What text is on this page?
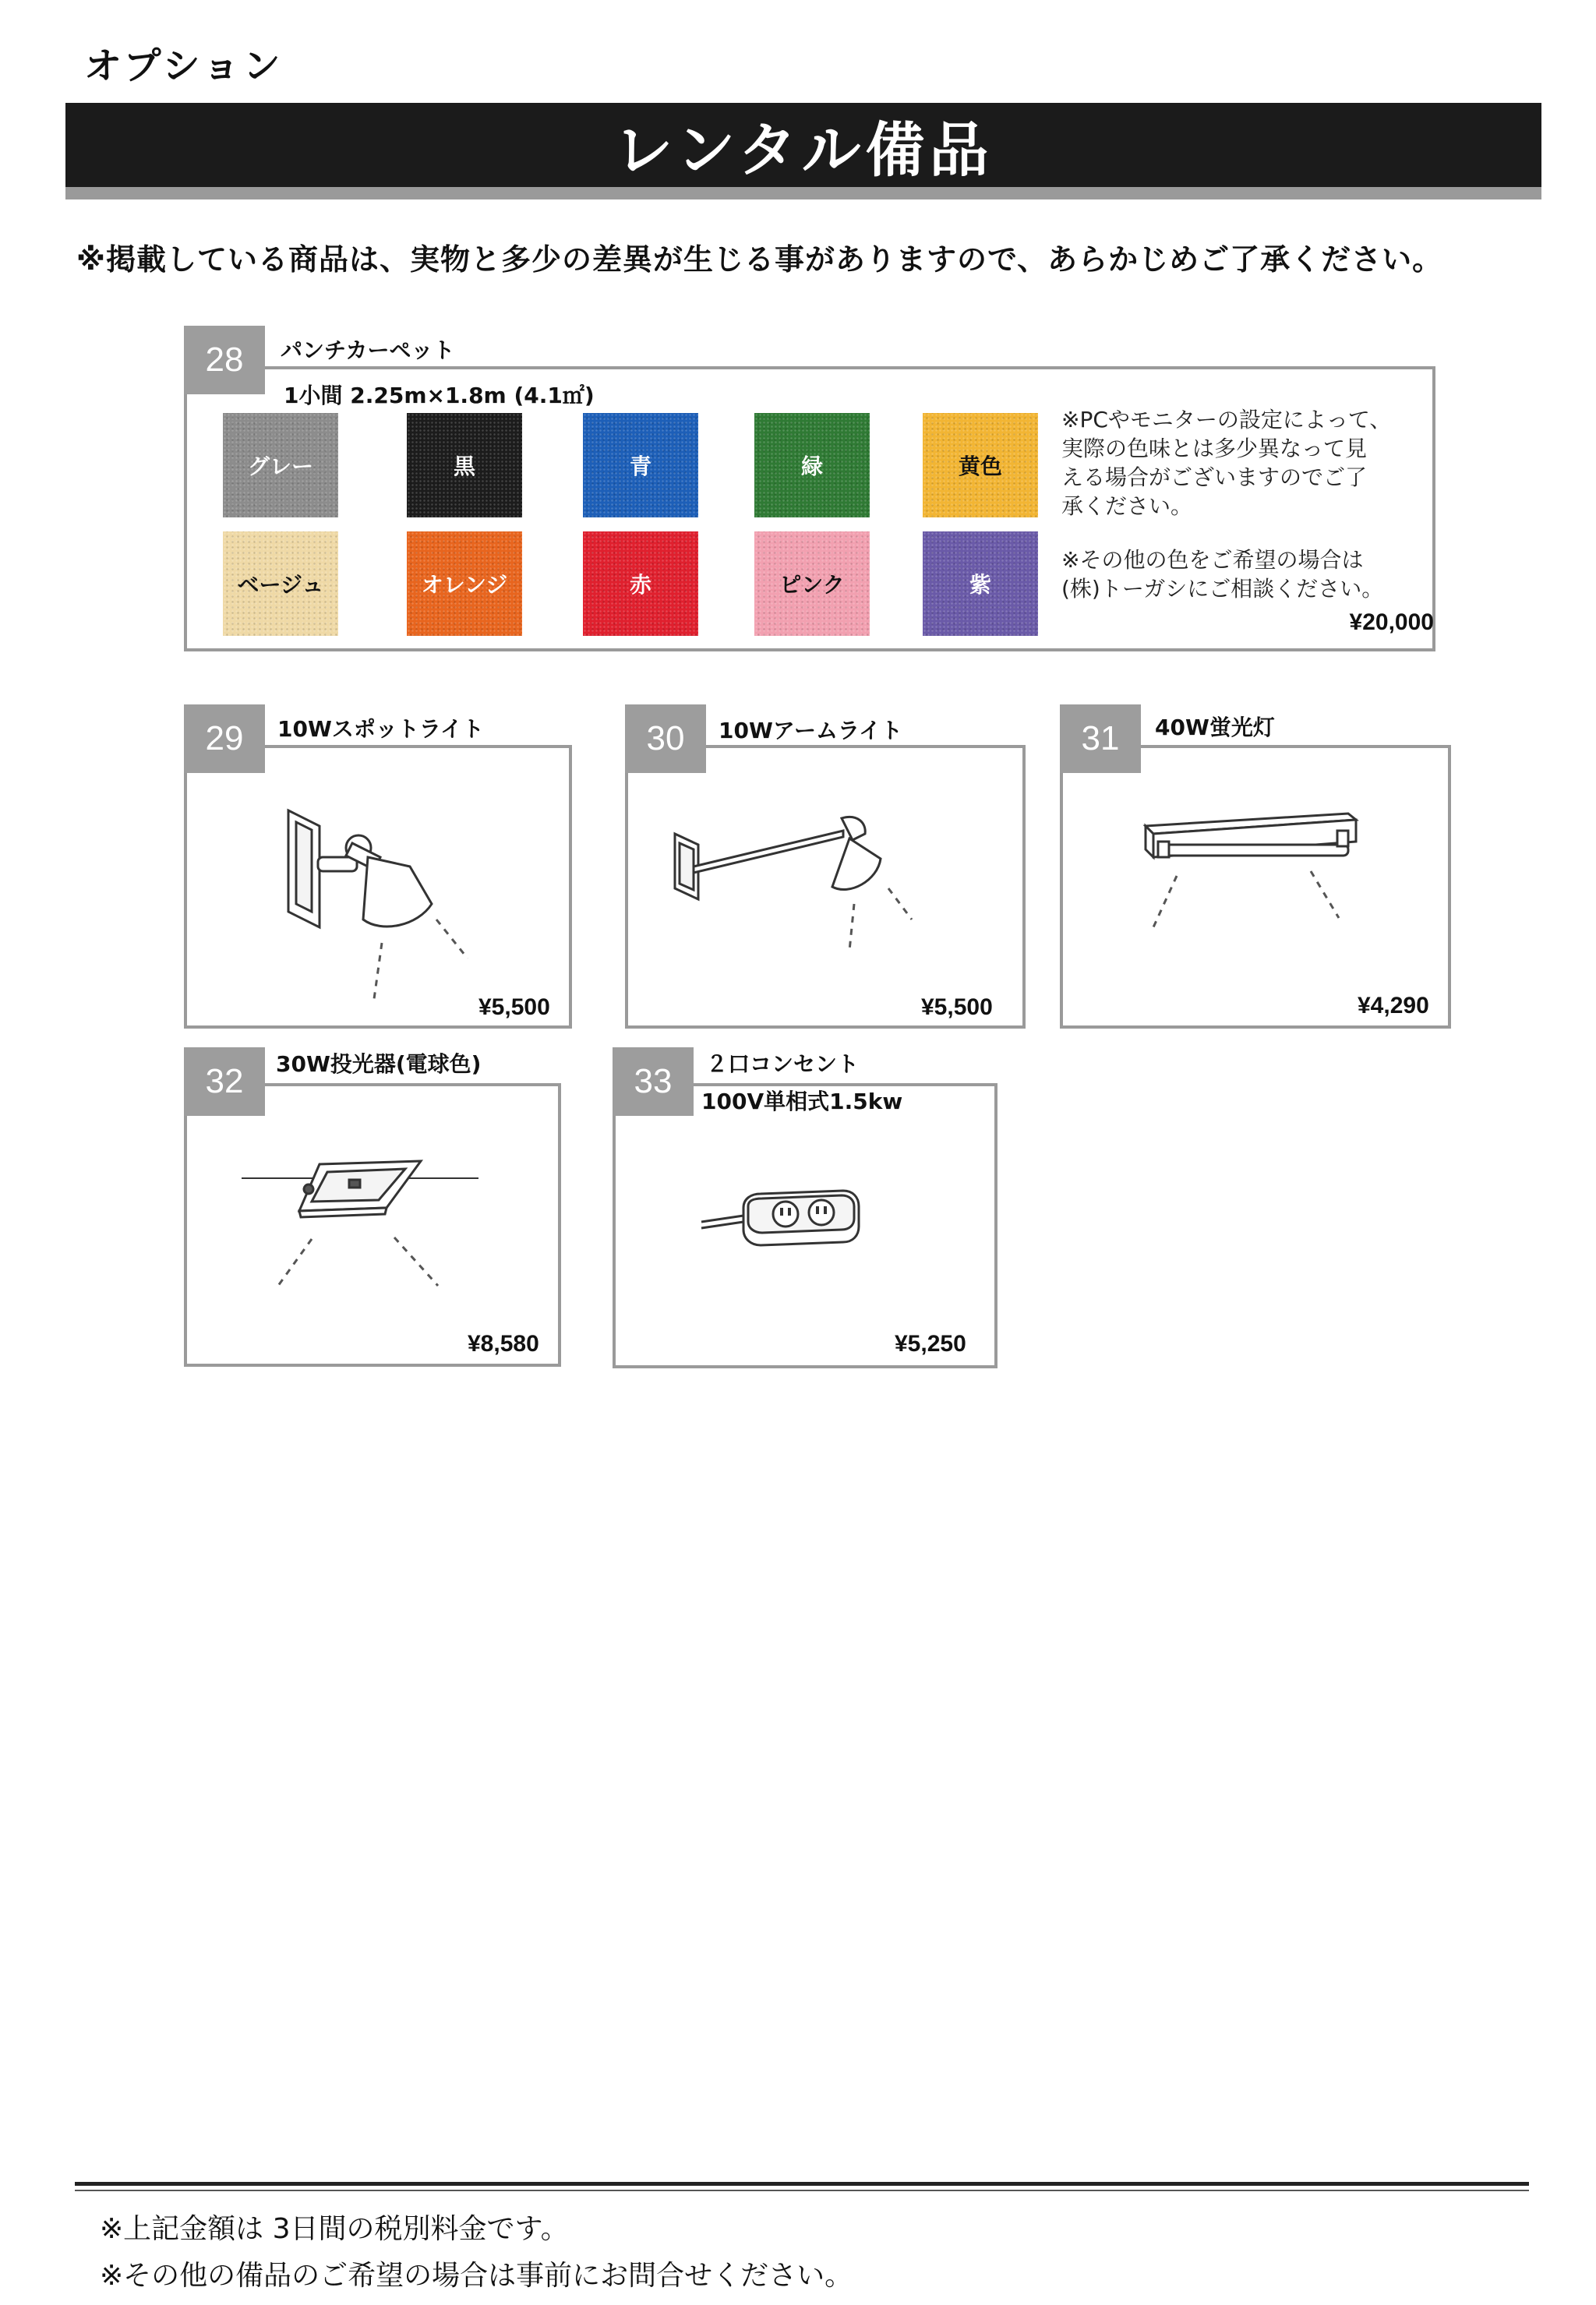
オプション
レンタル備品
※掲載している商品は、実物と多少の差異が生じる事がありますので、あらかじめご了承ください。
28	パンチカーペット
1小間 2.25m×1.8m (4.1㎡)
グレー	黒	青	緑	黄色
ベージュ	オレンジ	赤	ピンク	紫
※PCやモニターの設定によって、
実際の色味とは多少異なって見
える場合がございますのでご了
承ください。
※その他の色をご希望の場合は
(株)トーガシにご相談ください。
¥20,000
29	10Wスポットライト
¥5,500
30	10Wアームライト
¥5,500
31	40W蛍光灯
¥4,290
32	30W投光器(電球色)
¥8,580
33	２口コンセント
100V単相式1.5kw
¥5,250
※上記金額は 3日間の税別料金です。
※その他の備品のご希望の場合は事前にお問合せください。
